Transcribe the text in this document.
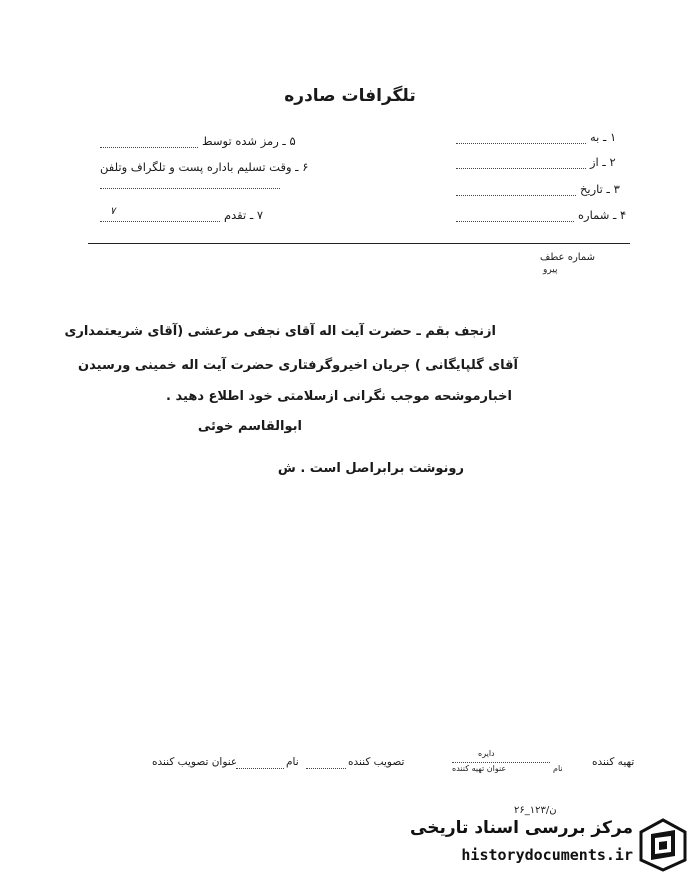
تلگرافات صادره
۱ ـ به
۲ ـ از
۳ ـ تاریخ
۴ ـ شماره
۵ ـ رمز شده توسط
۶ ـ وقت تسلیم باداره پست و تلگراف وتلفن
۷ ـ تقدم
۷
شماره عطف
پیرو
ازنجف بقم ـ حضرت آیت اله آقای نجفی مرعشی (آقای شریعتمداری
آقای گلپایگانی ) جریان اخیروگرفتاری حضرت آیت اله خمینی ورسیدن
اخبارموشحه موجب نگرانی ازسلامتی خود اطلاع دهید .
ابوالقاسم خوئی
رونوشت برابراصل است . ش
تهیه کننده
نام
دایره
عنوان تهیه کننده
تصویب کننده
نام
عنوان تصویب کننده
۲۶_۱۲۳/ن
مرکز بررسی اسناد تاریخی
historydocuments.ir
